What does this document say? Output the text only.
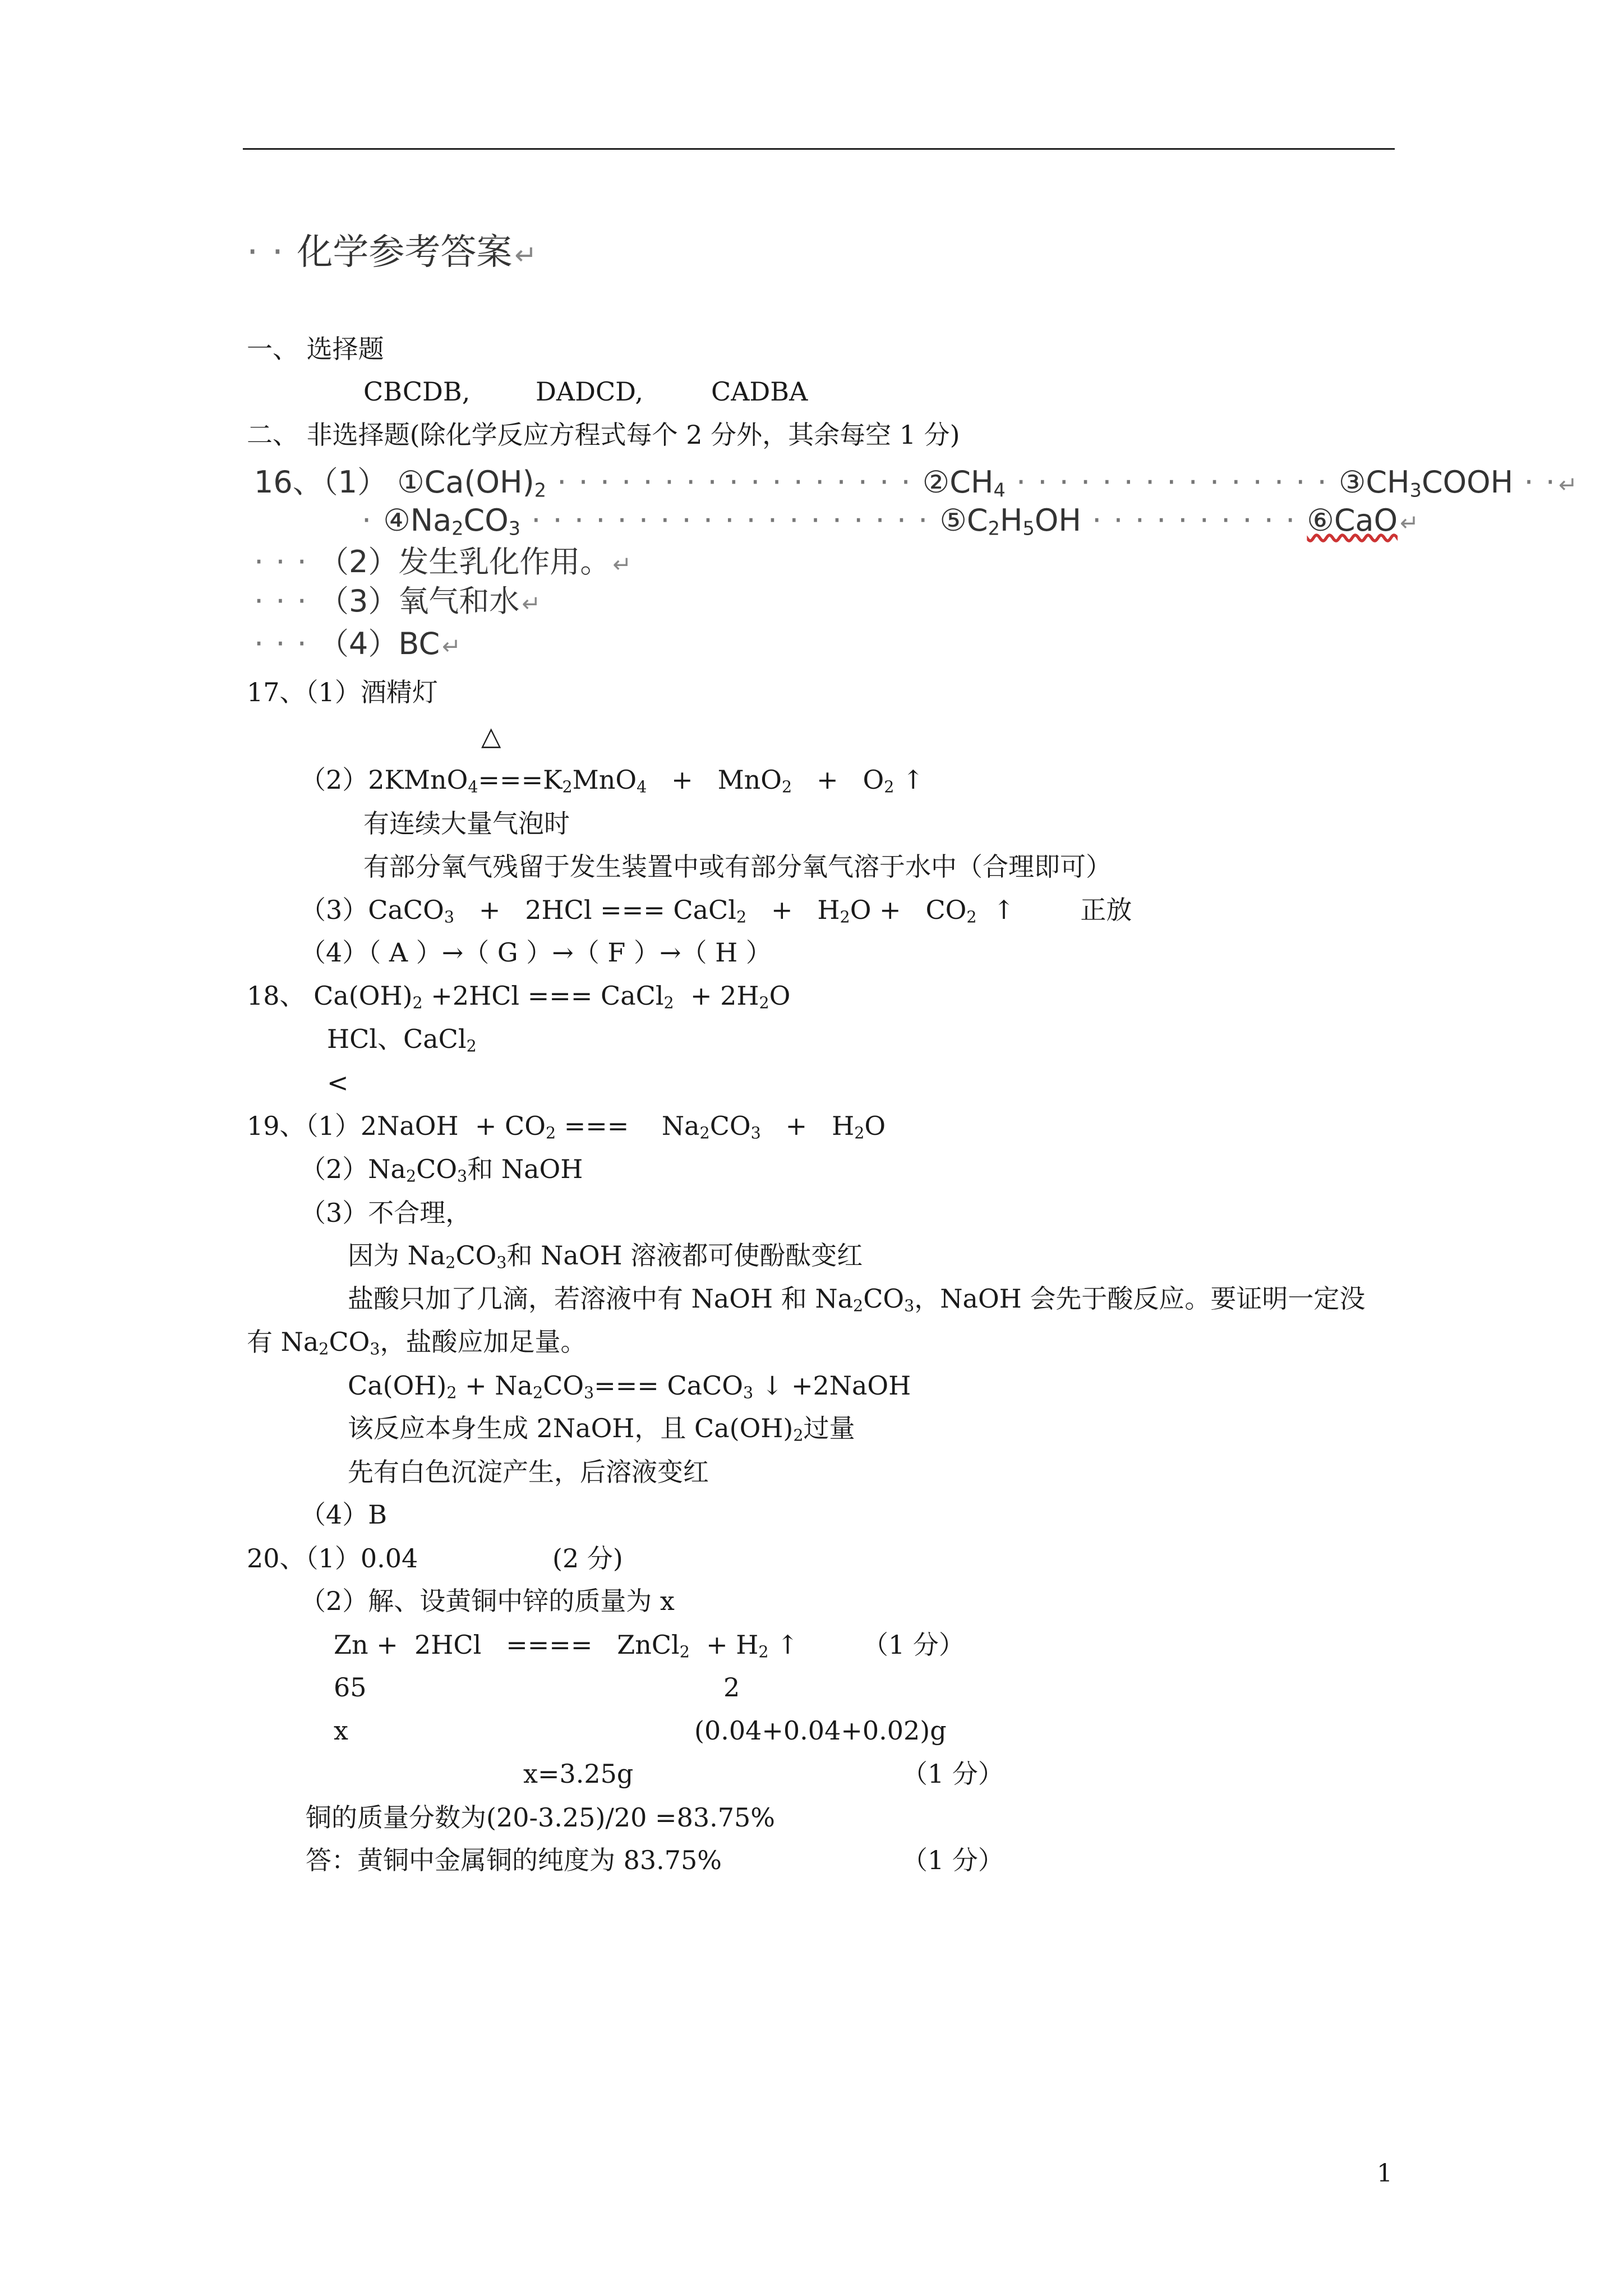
· · 化学参考答案↵
一、 选择题
CBCDB,	DADCD,	CADBA
二、 非选择题(除化学反应方程式每个 2 分外，其余每空 1 分)
16、（1） $①Ca(OH)_2$ · · · · · · · · · · · · · · · · · $②CH_4$ · · · · · · · · · · · · · · · $③CH_3COOH$ · ·↵
· $④Na_2CO_3$ · · · · · · · · · · · · · · · · · · · $⑤C_2H_5OH$ · · · · · · · · · · ⑥CaO↵
· · · （2）发生乳化作用。↵
· · · （3）氧气和水↵
· · · （4）BC↵
17、（1）酒精灯
△
$(2)2KMnO_4===K_2MnO_4 + MnO_2 + O_2$ ↑
有连续大量气泡时
有部分氧气残留于发生装置中或有部分氧气溶于水中（合理即可）
（3）CaCO$_3$ + 2HCl === CaCl$_2$ + $H_2O + CO_2$ ↑	正放
（4）（ A ）→（ G ）→（ F ）→（ H ）
18、 $Ca(OH)_2 +2HCl$ === CaCl$_2$ + $2H_2O$
HCl、CaCl$_2$
<
19、（1）2NaOH + $CO_2$ === $Na_2CO_3 + H_2O$
$(2)Na_2CO_3$和 NaOH
（3）不合理，
因为 $Na_2CO_3$和 NaOH 溶液都可使酚酞变红
盐酸只加了几滴，若溶液中有 NaOH 和 $Na_2CO_3$，NaOH 会先于酸反应。要证明一定没
有 $Na_2CO_3$，盐酸应加足量。
$Ca(OH)_2 + Na_2CO_3===$ CaCO$_3$ ↓ +2NaOH
该反应本身生成 2NaOH，且 $Ca(OH)_2$过量
先有白色沉淀产生，后溶液变红
（4）B
20、（1）0.04	(2 分)
（2）解、设黄铜中锌的质量为 x
Zn + 2HCl ==== ZnCl$_2$ + $H_2$ ↑ （1 分）
65	2
x	(0.04+0.04+0.02)g
x=3.25g	（1 分）
铜的质量分数为(20-3.25)/20 =83.75%
答：黄铜中金属铜的纯度为 83.75%	（1 分）
1
